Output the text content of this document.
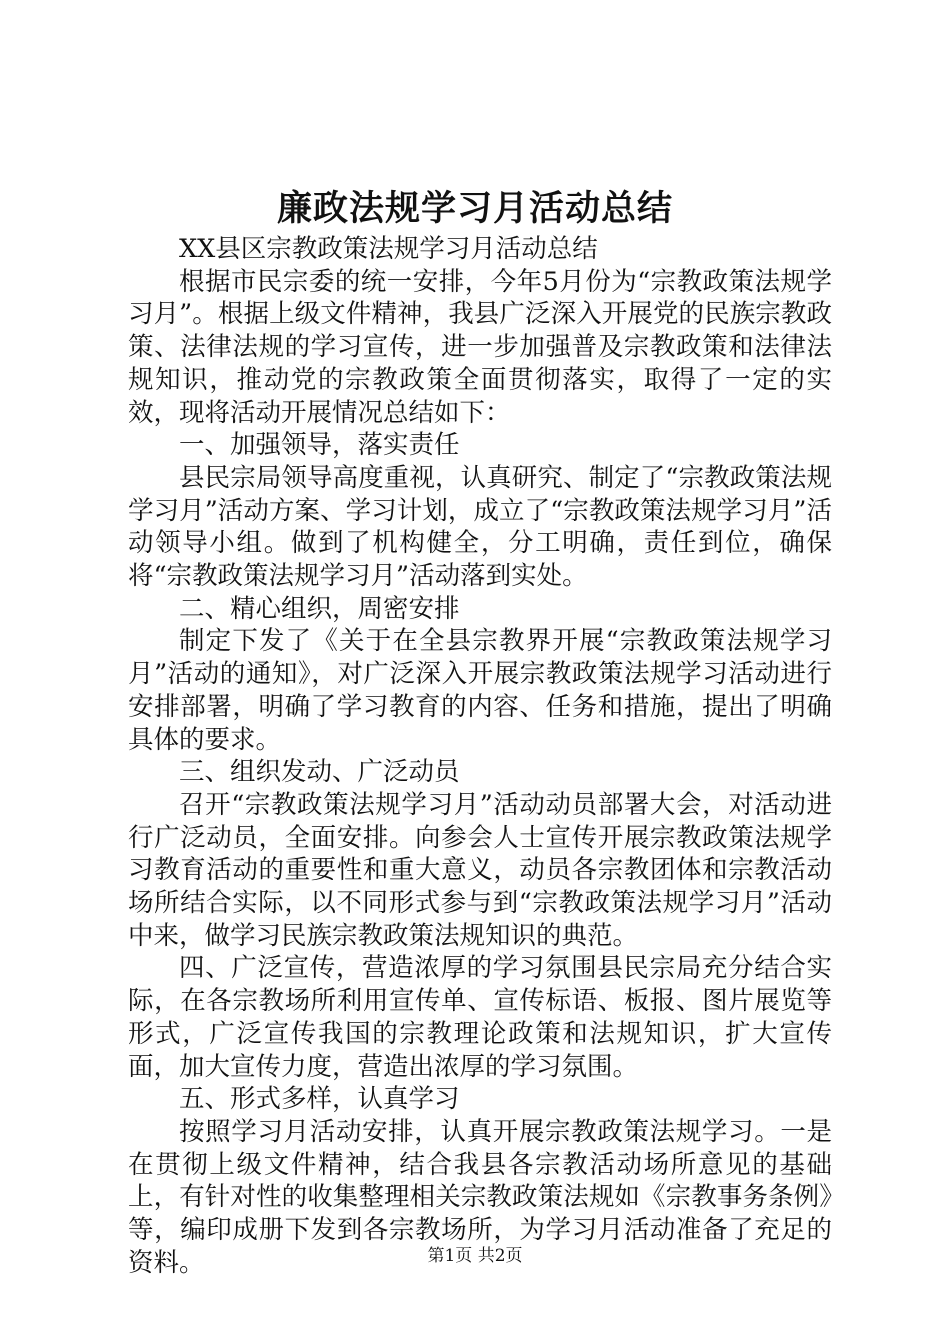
廉政法规学习月活动总结

XX县区宗教政策法规学习月活动总结

根据市民宗委的统一安排，今年5月份为“宗教政策法规学习月”。根据上级文件精神，我县广泛深入开展党的民族宗教政策、法律法规的学习宣传，进一步加强普及宗教政策和法律法规知识，推动党的宗教政策全面贯彻落实，取得了一定的实效，现将活动开展情况总结如下：

一、加强领导，落实责任

县民宗局领导高度重视，认真研究、制定了“宗教政策法规学习月”活动方案、学习计划，成立了“宗教政策法规学习月”活动领导小组。做到了机构健全，分工明确，责任到位，确保将“宗教政策法规学习月”活动落到实处。

二、精心组织，周密安排

制定下发了《关于在全县宗教界开展“宗教政策法规学习月”活动的通知》，对广泛深入开展宗教政策法规学习活动进行安排部署，明确了学习教育的内容、任务和措施，提出了明确具体的要求。

三、组织发动、广泛动员

召开“宗教政策法规学习月”活动动员部署大会，对活动进行广泛动员，全面安排。向参会人士宣传开展宗教政策法规学习教育活动的重要性和重大意义，动员各宗教团体和宗教活动场所结合实际，以不同形式参与到“宗教政策法规学习月”活动中来，做学习民族宗教政策法规知识的典范。

四、广泛宣传，营造浓厚的学习氛围县民宗局充分结合实际，在各宗教场所利用宣传单、宣传标语、板报、图片展览等形式，广泛宣传我国的宗教理论政策和法规知识，扩大宣传面，加大宣传力度，营造出浓厚的学习氛围。

五、形式多样，认真学习

按照学习月活动安排，认真开展宗教政策法规学习。一是在贯彻上级文件精神，结合我县各宗教活动场所意见的基础上，有针对性的收集整理相关宗教政策法规如《宗教事务条例》等，编印成册下发到各宗教场所，为学习月活动准备了充足的资料。	第1页 共2页
